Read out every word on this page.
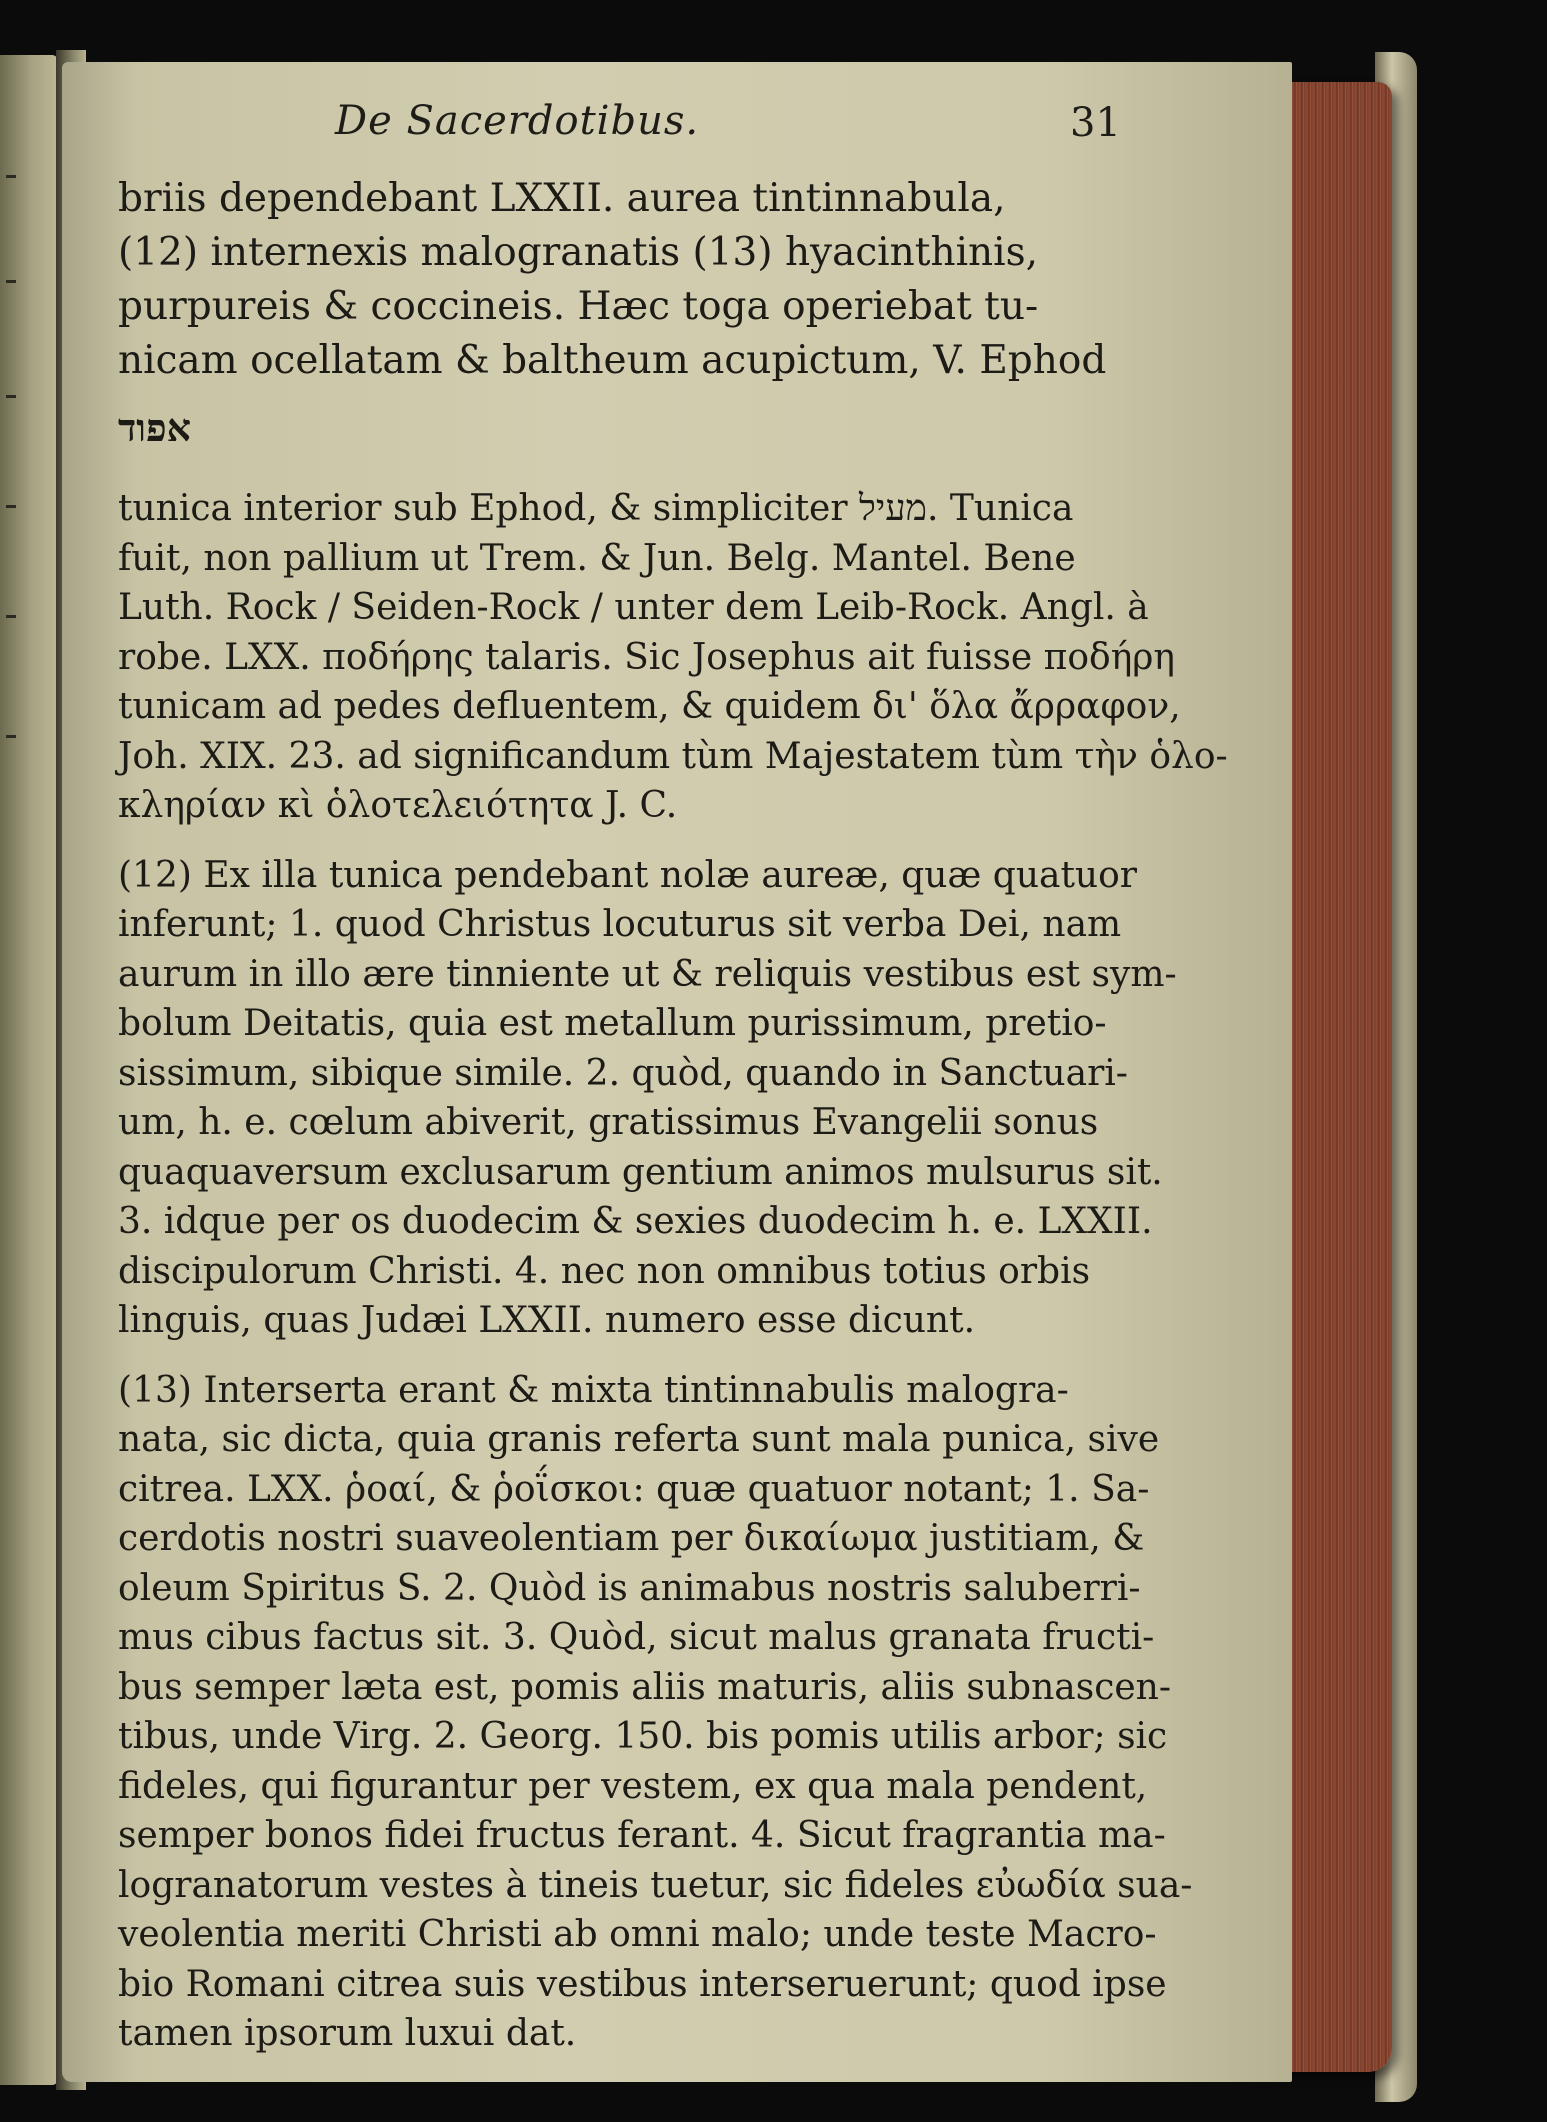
De Sacerdotibus.	31
briis dependebant LXXII. aurea tintinnabula,
(12) internexis malogranatis (13) hyacinthinis,
purpureis & coccineis. Hæc toga operiebat tu-
nicam ocellatam & baltheum acupictum, V. Ephod
אפוד
tunica interior sub Ephod, & simpliciter מעיל. Tunica
fuit, non pallium ut Trem. & Jun. Belg. Mantel. Bene
Luth. Rock / Seiden-Rock / unter dem Leib-Rock. Angl. à
robe. LXX. ποδήρης talaris. Sic Josephus ait fuisse ποδήρη
tunicam ad pedes defluentem, & quidem δι' ὅλα ἄρραφον,
Joh. XIX. 23. ad significandum tùm Majestatem tùm τὴν ὁλο-
κληρίαν κὶ ὁλοτελειότητα J. C.
(12) Ex illa tunica pendebant nolæ aureæ, quæ quatuor
inferunt; 1. quod Christus locuturus sit verba Dei, nam
aurum in illo ære tinniente ut & reliquis vestibus est sym-
bolum Deitatis, quia est metallum purissimum, pretio-
sissimum, sibique simile. 2. quòd, quando in Sanctuari-
um, h. e. cœlum abiverit, gratissimus Evangelii sonus
quaquaversum exclusarum gentium animos mulsurus sit.
3. idque per os duodecim & sexies duodecim h. e. LXXII.
discipulorum Christi. 4. nec non omnibus totius orbis
linguis, quas Judæi LXXII. numero esse dicunt.
(13) Interserta erant & mixta tintinnabulis malogra-
nata, sic dicta, quia granis referta sunt mala punica, sive
citrea. LXX. ῥοαί, & ῥοΐσκοι: quæ quatuor notant; 1. Sa-
cerdotis nostri suaveolentiam per δικαίωμα justitiam, &
oleum Spiritus S. 2. Quòd is animabus nostris saluberri-
mus cibus factus sit. 3. Quòd, sicut malus granata fructi-
bus semper læta est, pomis aliis maturis, aliis subnascen-
tibus, unde Virg. 2. Georg. 150. bis pomis utilis arbor; sic
fideles, qui figurantur per vestem, ex qua mala pendent,
semper bonos fidei fructus ferant. 4. Sicut fragrantia ma-
logranatorum vestes à tineis tuetur, sic fideles εὐωδία sua-
veolentia meriti Christi ab omni malo; unde teste Macro-
bio Romani citrea suis vestibus interseruerunt; quod ipse
tamen ipsorum luxui dat.
